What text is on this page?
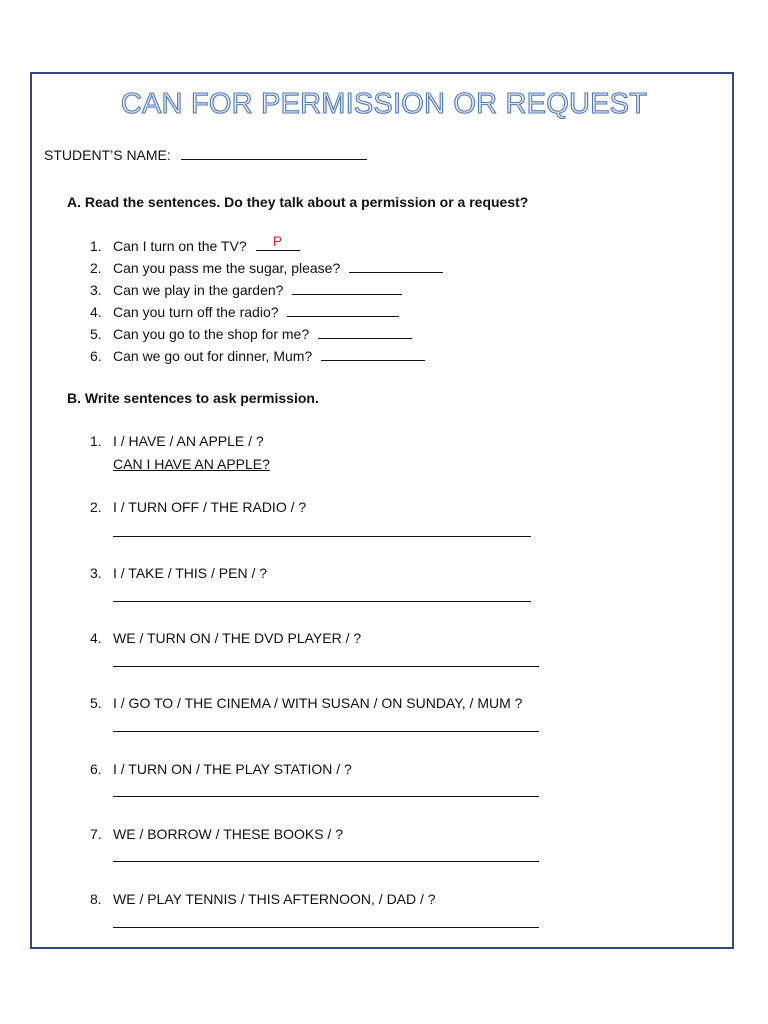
CAN FOR PERMISSION OR REQUEST
STUDENT’S NAME:
A. Read the sentences. Do they talk about a permission or a request?
1. Can I turn on the TV?	P
2. Can you pass me the sugar, please?
3. Can we play in the garden?
4. Can you turn off the radio?
5. Can you go to the shop for me?
6. Can we go out for dinner, Mum?
B. Write sentences to ask permission.
1. I / HAVE / AN APPLE / ?
CAN I HAVE AN APPLE?
2. I / TURN OFF / THE RADIO / ?
3. I / TAKE / THIS / PEN / ?
4. WE / TURN ON / THE DVD PLAYER / ?
5. I / GO TO / THE CINEMA / WITH SUSAN / ON SUNDAY, / MUM ?
6. I / TURN ON / THE PLAY STATION / ?
7. WE / BORROW / THESE BOOKS / ?
8. WE / PLAY TENNIS / THIS AFTERNOON, / DAD / ?
